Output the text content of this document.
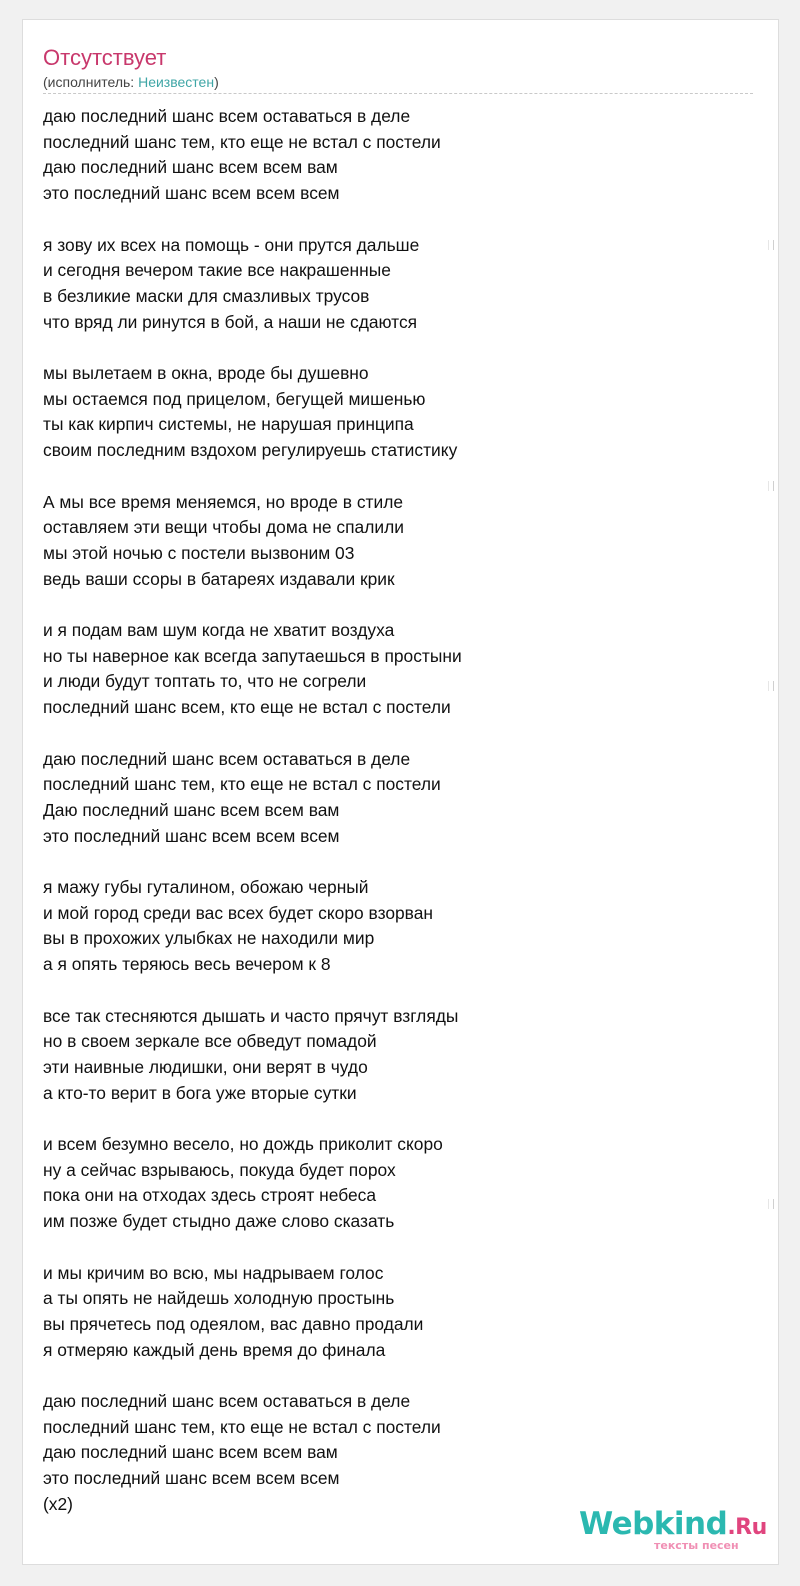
Отсутствует
(исполнитель: Неизвестен)
даю последний шанс всем оставаться в деле
последний шанс тем, кто еще не встал с постели
даю последний шанс всем всем вам
это последний шанс всем всем всем
я зову их всех на помощь - они прутся дальше
и сегодня вечером такие все накрашенные
в безликие маски для смазливых трусов
что вряд ли ринутся в бой, а наши не сдаются
мы вылетаем в окна, вроде бы душевно
мы остаемся под прицелом, бегущей мишенью
ты как кирпич системы, не нарушая принципа
своим последним вздохом регулируешь статистику
А мы все время меняемся, но вроде в стиле
оставляем эти вещи чтобы дома не спалили
мы этой ночью с постели вызвоним 03
ведь ваши ссоры в батареях издавали крик
и я подам вам шум когда не хватит воздуха
но ты наверное как всегда запутаешься в простыни
и люди будут топтать то, что не согрели
последний шанс всем, кто еще не встал с постели
даю последний шанс всем оставаться в деле
последний шанс тем, кто еще не встал с постели
Даю последний шанс всем всем вам
это последний шанс всем всем всем
я мажу губы гуталином, обожаю черный
и мой город среди вас всех будет скоро взорван
вы в прохожих улыбках не находили мир
а я опять теряюсь весь вечером к 8
все так стесняются дышать и часто прячут взгляды
но в своем зеркале все обведут помадой
эти наивные людишки, они верят в чудо
а кто-то верит в бога уже вторые сутки
и всем безумно весело, но дождь приколит скоро
ну а сейчас взрываюсь, покуда будет порох
пока они на отходах здесь строят небеса
им позже будет стыдно даже слово сказать
и мы кричим во всю, мы надрываем голос
а ты опять не найдешь холодную простынь
вы прячетесь под одеялом, вас давно продали
я отмеряю каждый день время до финала
даю последний шанс всем оставаться в деле
последний шанс тем, кто еще не встал с постели
даю последний шанс всем всем вам
это последний шанс всем всем всем
(x2)
Webkind.Ru
тексты песен
